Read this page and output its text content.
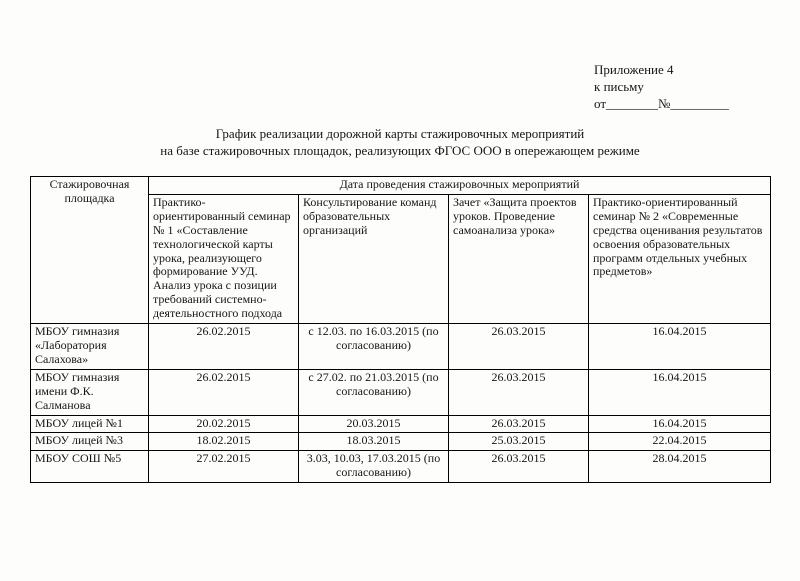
Приложение 4
к письму
от________№_________
График реализации дорожной карты стажировочных мероприятий
на базе стажировочных площадок, реализующих ФГОС ООО в опережающем режиме
Стажировочная площадка	Дата проведения стажировочных мероприятий			
	Практико-ориентированный семинар № 1 «Составление технологической карты урока, реализующего формирование УУД. Анализ урока с позиции требований системно-деятельностного подхода	Консультирование команд образовательных организаций	Зачет «Защита проектов уроков. Проведение самоанализа урока»	Практико-ориентированный семинар № 2 «Современные средства оценивания результатов освоения образовательных программ отдельных учебных предметов»
МБОУ гимназия «Лаборатория Салахова»	26.02.2015	с 12.03. по 16.03.2015 (по согласованию)	26.03.2015	16.04.2015
МБОУ гимназия имени Ф.К. Салманова	26.02.2015	с 27.02. по 21.03.2015 (по согласованию)	26.03.2015	16.04.2015
МБОУ лицей №1	20.02.2015	20.03.2015	26.03.2015	16.04.2015
МБОУ лицей №3	18.02.2015	18.03.2015	25.03.2015	22.04.2015
МБОУ СОШ №5	27.02.2015	3.03, 10.03, 17.03.2015 (по согласованию)	26.03.2015	28.04.2015
